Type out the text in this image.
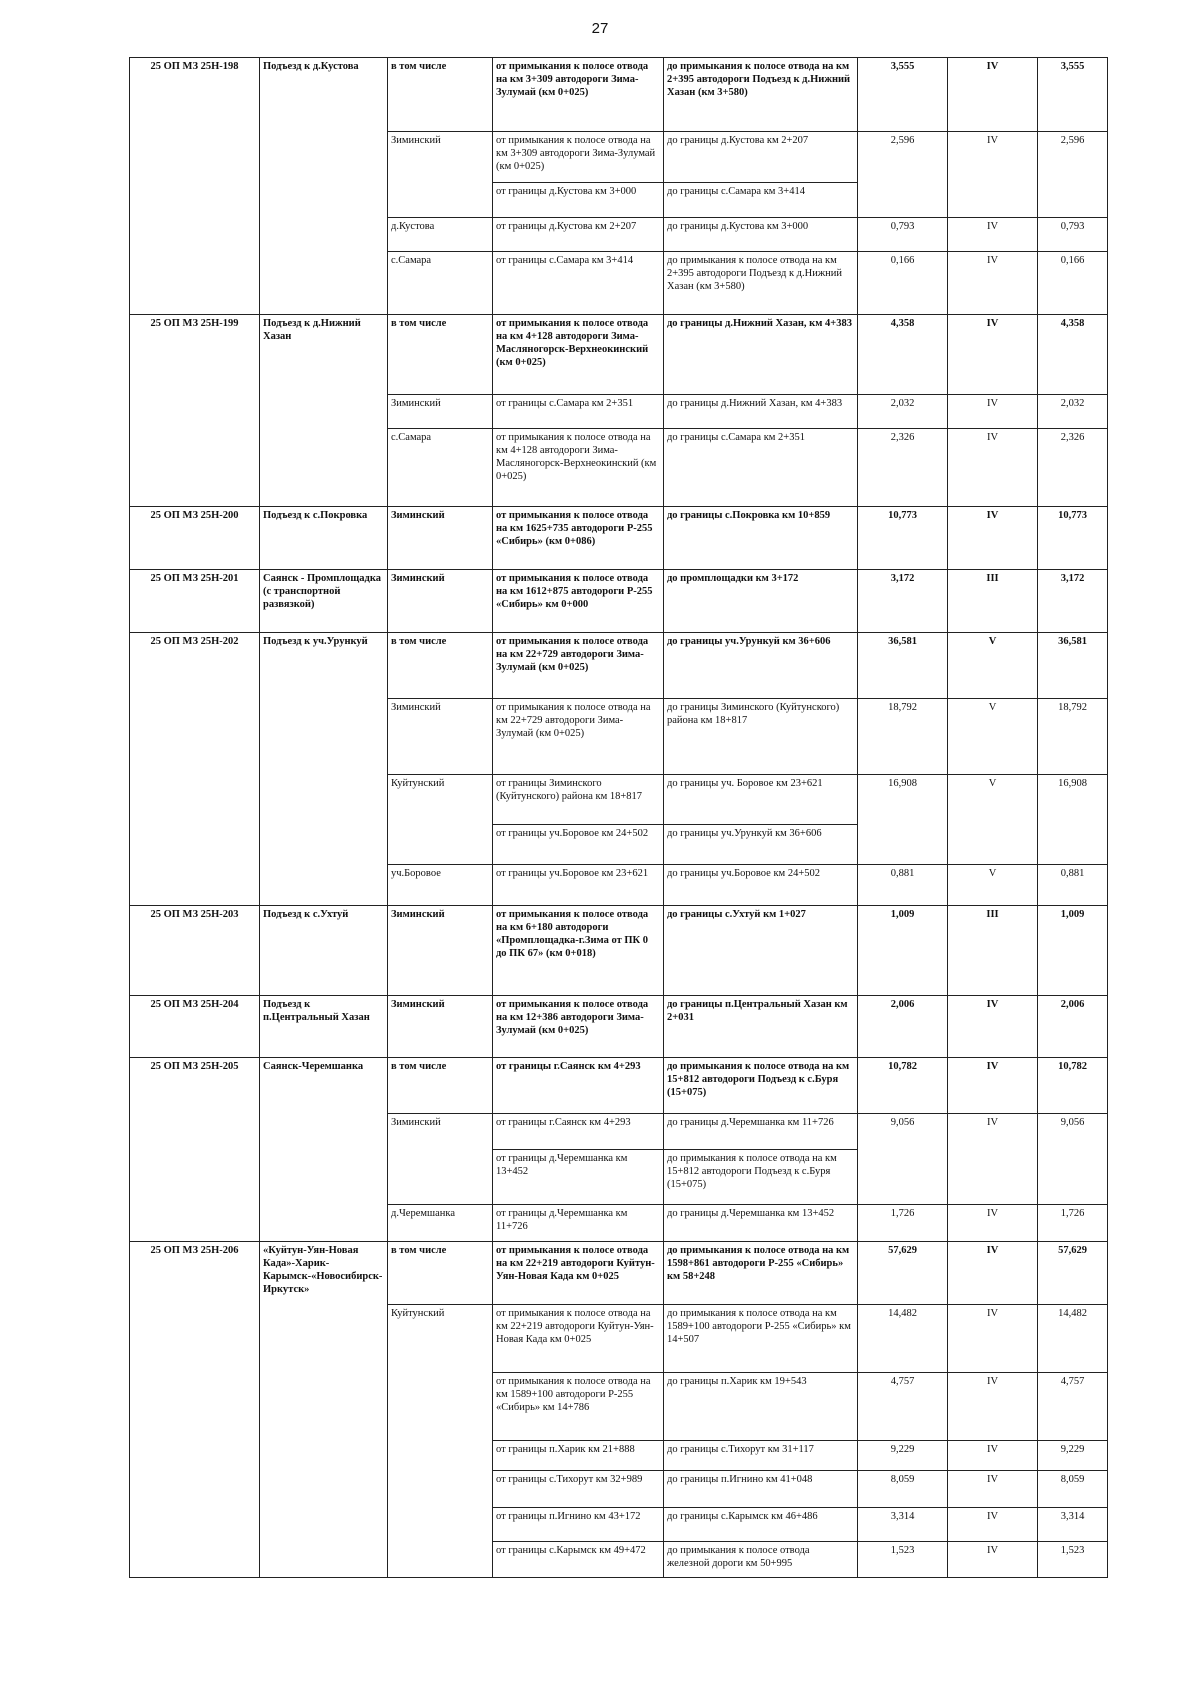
27
25 ОП МЗ 25Н-198	Подъезд к д.Кустова	в том числе	от примыкания к полосе отвода на км 3+309 автодороги Зима-Зулумай (км 0+025)	до примыкания к полосе отвода на км 2+395 автодороги Подъезд к д.Нижний Хазан (км 3+580)	3,555	IV	3,555
		Зиминский	от примыкания к полосе отвода на км 3+309 автодороги Зима-Зулумай (км 0+025)	до границы д.Кустова км 2+207	2,596	IV	2,596
			от границы д.Кустова км 3+000	до границы с.Самара км 3+414			
		д.Кустова	от границы д.Кустова км 2+207	до границы д.Кустова км 3+000	0,793	IV	0,793
		с.Самара	от границы с.Самара км 3+414	до примыкания к полосе отвода на км 2+395 автодороги Подъезд к д.Нижний Хазан (км 3+580)	0,166	IV	0,166
25 ОП МЗ 25Н-199	Подъезд к д.Нижний Хазан	в том числе	от примыкания к полосе отвода на км 4+128 автодороги Зима-Масляногорск-Верхнеокинский (км 0+025)	до границы д.Нижний Хазан, км 4+383	4,358	IV	4,358
		Зиминский	от границы с.Самара км 2+351	до границы д.Нижний Хазан, км 4+383	2,032	IV	2,032
		с.Самара	от примыкания к полосе отвода на км 4+128 автодороги Зима-Масляногорск-Верхнеокинский (км 0+025)	до границы с.Самара км 2+351	2,326	IV	2,326
25 ОП МЗ 25Н-200	Подъезд к с.Покровка	Зиминский	от примыкания к полосе отвода на км 1625+735 автодороги Р-255 «Сибирь» (км 0+086)	до границы с.Покровка км 10+859	10,773	IV	10,773
25 ОП МЗ 25Н-201	Саянск - Промплощадка (с транспортной развязкой)	Зиминский	от примыкания к полосе отвода на км 1612+875 автодороги Р-255 «Сибирь» км 0+000	до промплощадки км 3+172	3,172	III	3,172
25 ОП МЗ 25Н-202	Подъезд к уч.Урункуй	в том числе	от примыкания к полосе отвода на км 22+729 автодороги Зима-Зулумай (км 0+025)	до границы уч.Урункуй км 36+606	36,581	V	36,581
		Зиминский	от примыкания к полосе отвода на км 22+729 автодороги Зима-Зулумай (км 0+025)	до границы Зиминского (Куйтунского) района км 18+817	18,792	V	18,792
		Куйтунский	от границы Зиминского (Куйтунского) района км 18+817	до границы уч. Боровое км 23+621	16,908	V	16,908
			от границы уч.Боровое км 24+502	до границы уч.Урункуй км 36+606			
		уч.Боровое	от границы уч.Боровое км 23+621	до границы уч.Боровое км 24+502	0,881	V	0,881
25 ОП МЗ 25Н-203	Подъезд к с.Ухтуй	Зиминский	от примыкания к полосе отвода на км 6+180 автодороги «Промплощадка-г.Зима от ПК 0 до ПК 67» (км 0+018)	до границы с.Ухтуй км 1+027	1,009	III	1,009
25 ОП МЗ 25Н-204	Подъезд к п.Центральный Хазан	Зиминский	от примыкания к полосе отвода на км 12+386 автодороги Зима-Зулумай (км 0+025)	до границы п.Центральный Хазан км 2+031	2,006	IV	2,006
25 ОП МЗ 25Н-205	Саянск-Черемшанка	в том числе	от границы г.Саянск км 4+293	до примыкания к полосе отвода на км 15+812 автодороги Подъезд к с.Буря (15+075)	10,782	IV	10,782
		Зиминский	от границы г.Саянск км 4+293	до границы д.Черемшанка км 11+726	9,056	IV	9,056
			от границы д.Черемшанка км 13+452	до примыкания к полосе отвода на км 15+812 автодороги Подъезд к с.Буря (15+075)			
		д.Черемшанка	от границы д.Черемшанка км 11+726	до границы д.Черемшанка км 13+452	1,726	IV	1,726
25 ОП МЗ 25Н-206	«Куйтун-Уян-Новая Када»-Харик-Карымск-«Новосибирск-Иркутск»	в том числе	от примыкания к полосе отвода на км 22+219 автодороги Куйтун-Уян-Новая Када км 0+025	до примыкания к полосе отвода на км 1598+861 автодороги Р-255 «Сибирь» км 58+248	57,629	IV	57,629
		Куйтунский	от примыкания к полосе отвода на км 22+219 автодороги Куйтун-Уян-Новая Када км 0+025	до примыкания к полосе отвода на км 1589+100 автодороги Р-255 «Сибирь» км 14+507	14,482	IV	14,482
			от примыкания к полосе отвода на км 1589+100 автодороги Р-255 «Сибирь» км 14+786	до границы п.Харик км 19+543	4,757	IV	4,757
			от границы п.Харик км 21+888	до границы с.Тихорут км 31+117	9,229	IV	9,229
			от границы с.Тихорут км 32+989	до границы п.Игнино км 41+048	8,059	IV	8,059
			от границы п.Игнино км 43+172	до границы с.Карымск км 46+486	3,314	IV	3,314
			от границы с.Карымск км 49+472	до примыкания к полосе отвода железной дороги км 50+995	1,523	IV	1,523
